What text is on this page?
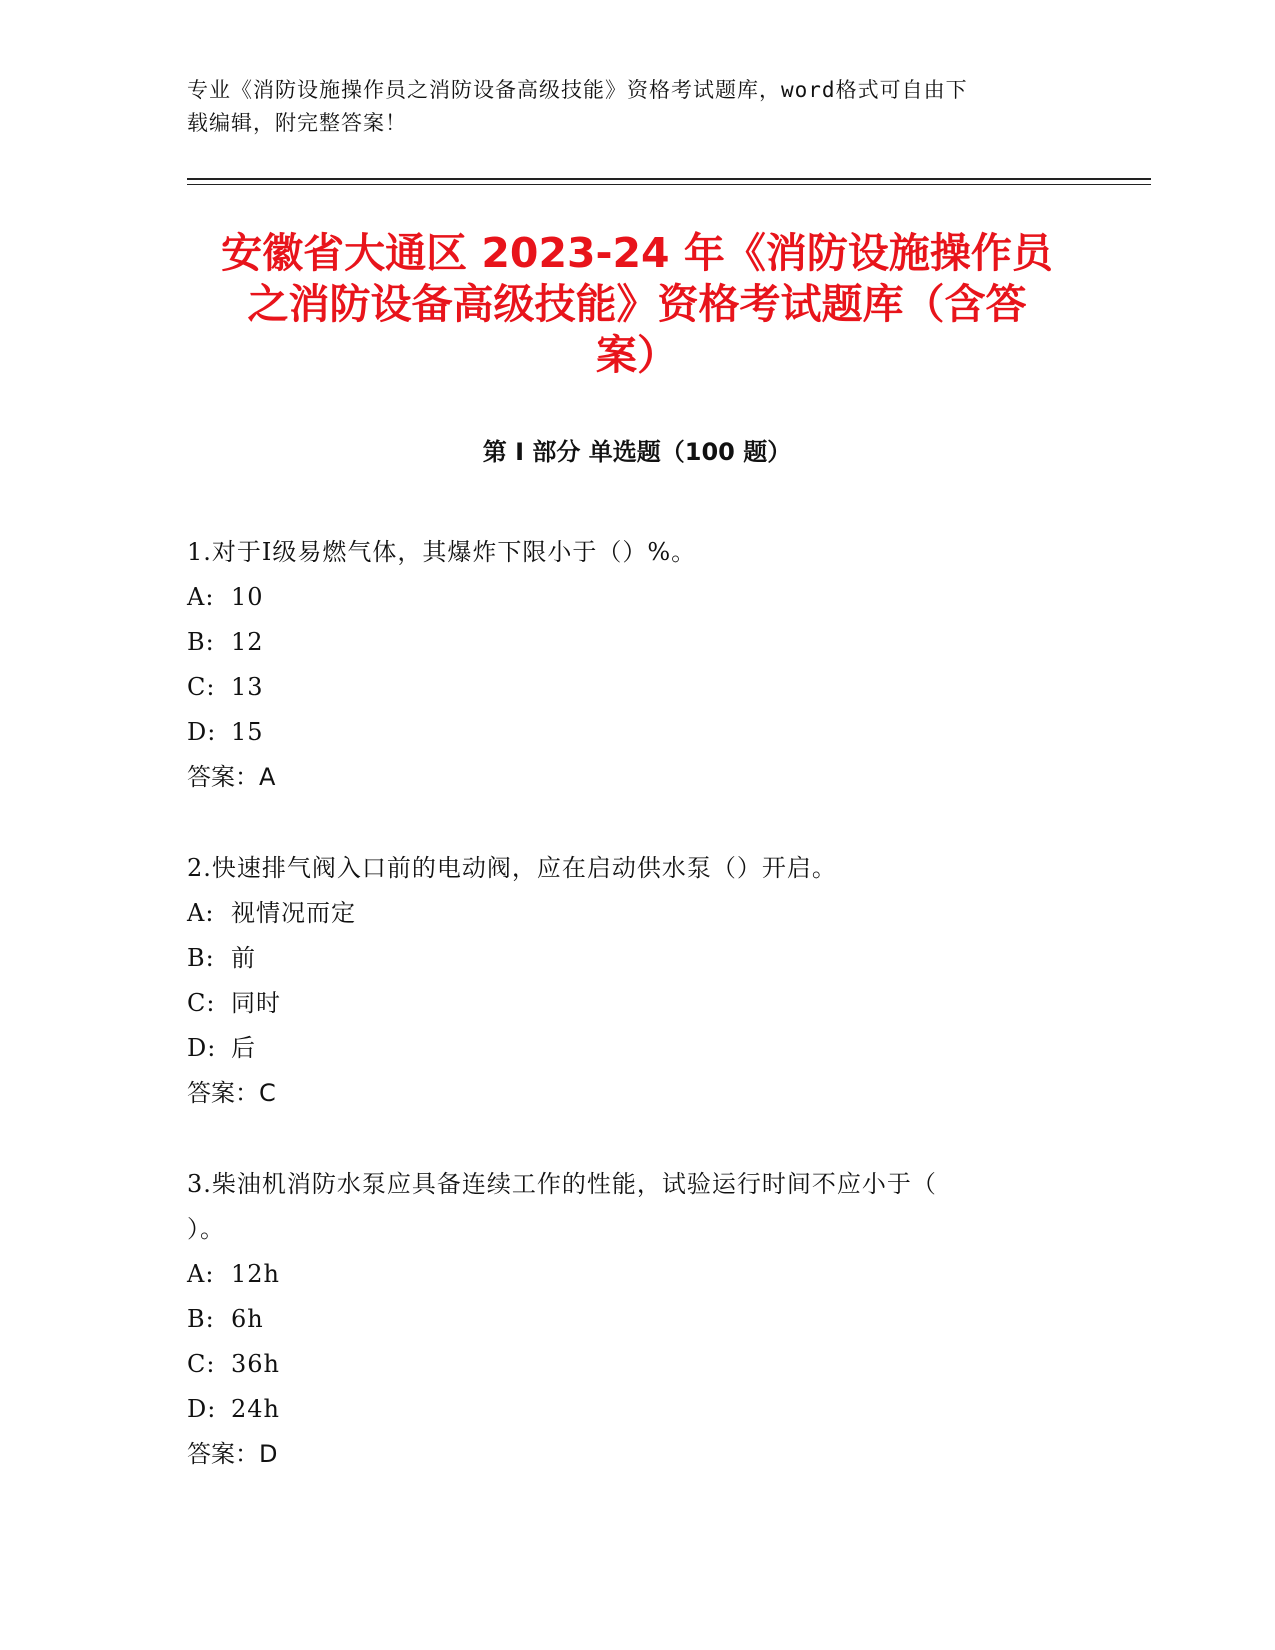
专业《消防设施操作员之消防设备高级技能》资格考试题库，word格式可自由下
载编辑，附完整答案！
安徽省大通区 2023-24 年《消防设施操作员
之消防设备高级技能》资格考试题库（含答
案）
第 I 部分 单选题（100 题）
1.对于Ⅰ级易燃气体，其爆炸下限小于（）%。
A: 10
B: 12
C: 13
D: 15
答案：A
2.快速排气阀入口前的电动阀，应在启动供水泵（）开启。
A: 视情况而定
B: 前
C: 同时
D: 后
答案：C
3.柴油机消防水泵应具备连续工作的性能，试验运行时间不应小于（
）。
A: 12h
B: 6h
C: 36h
D: 24h
答案：D
